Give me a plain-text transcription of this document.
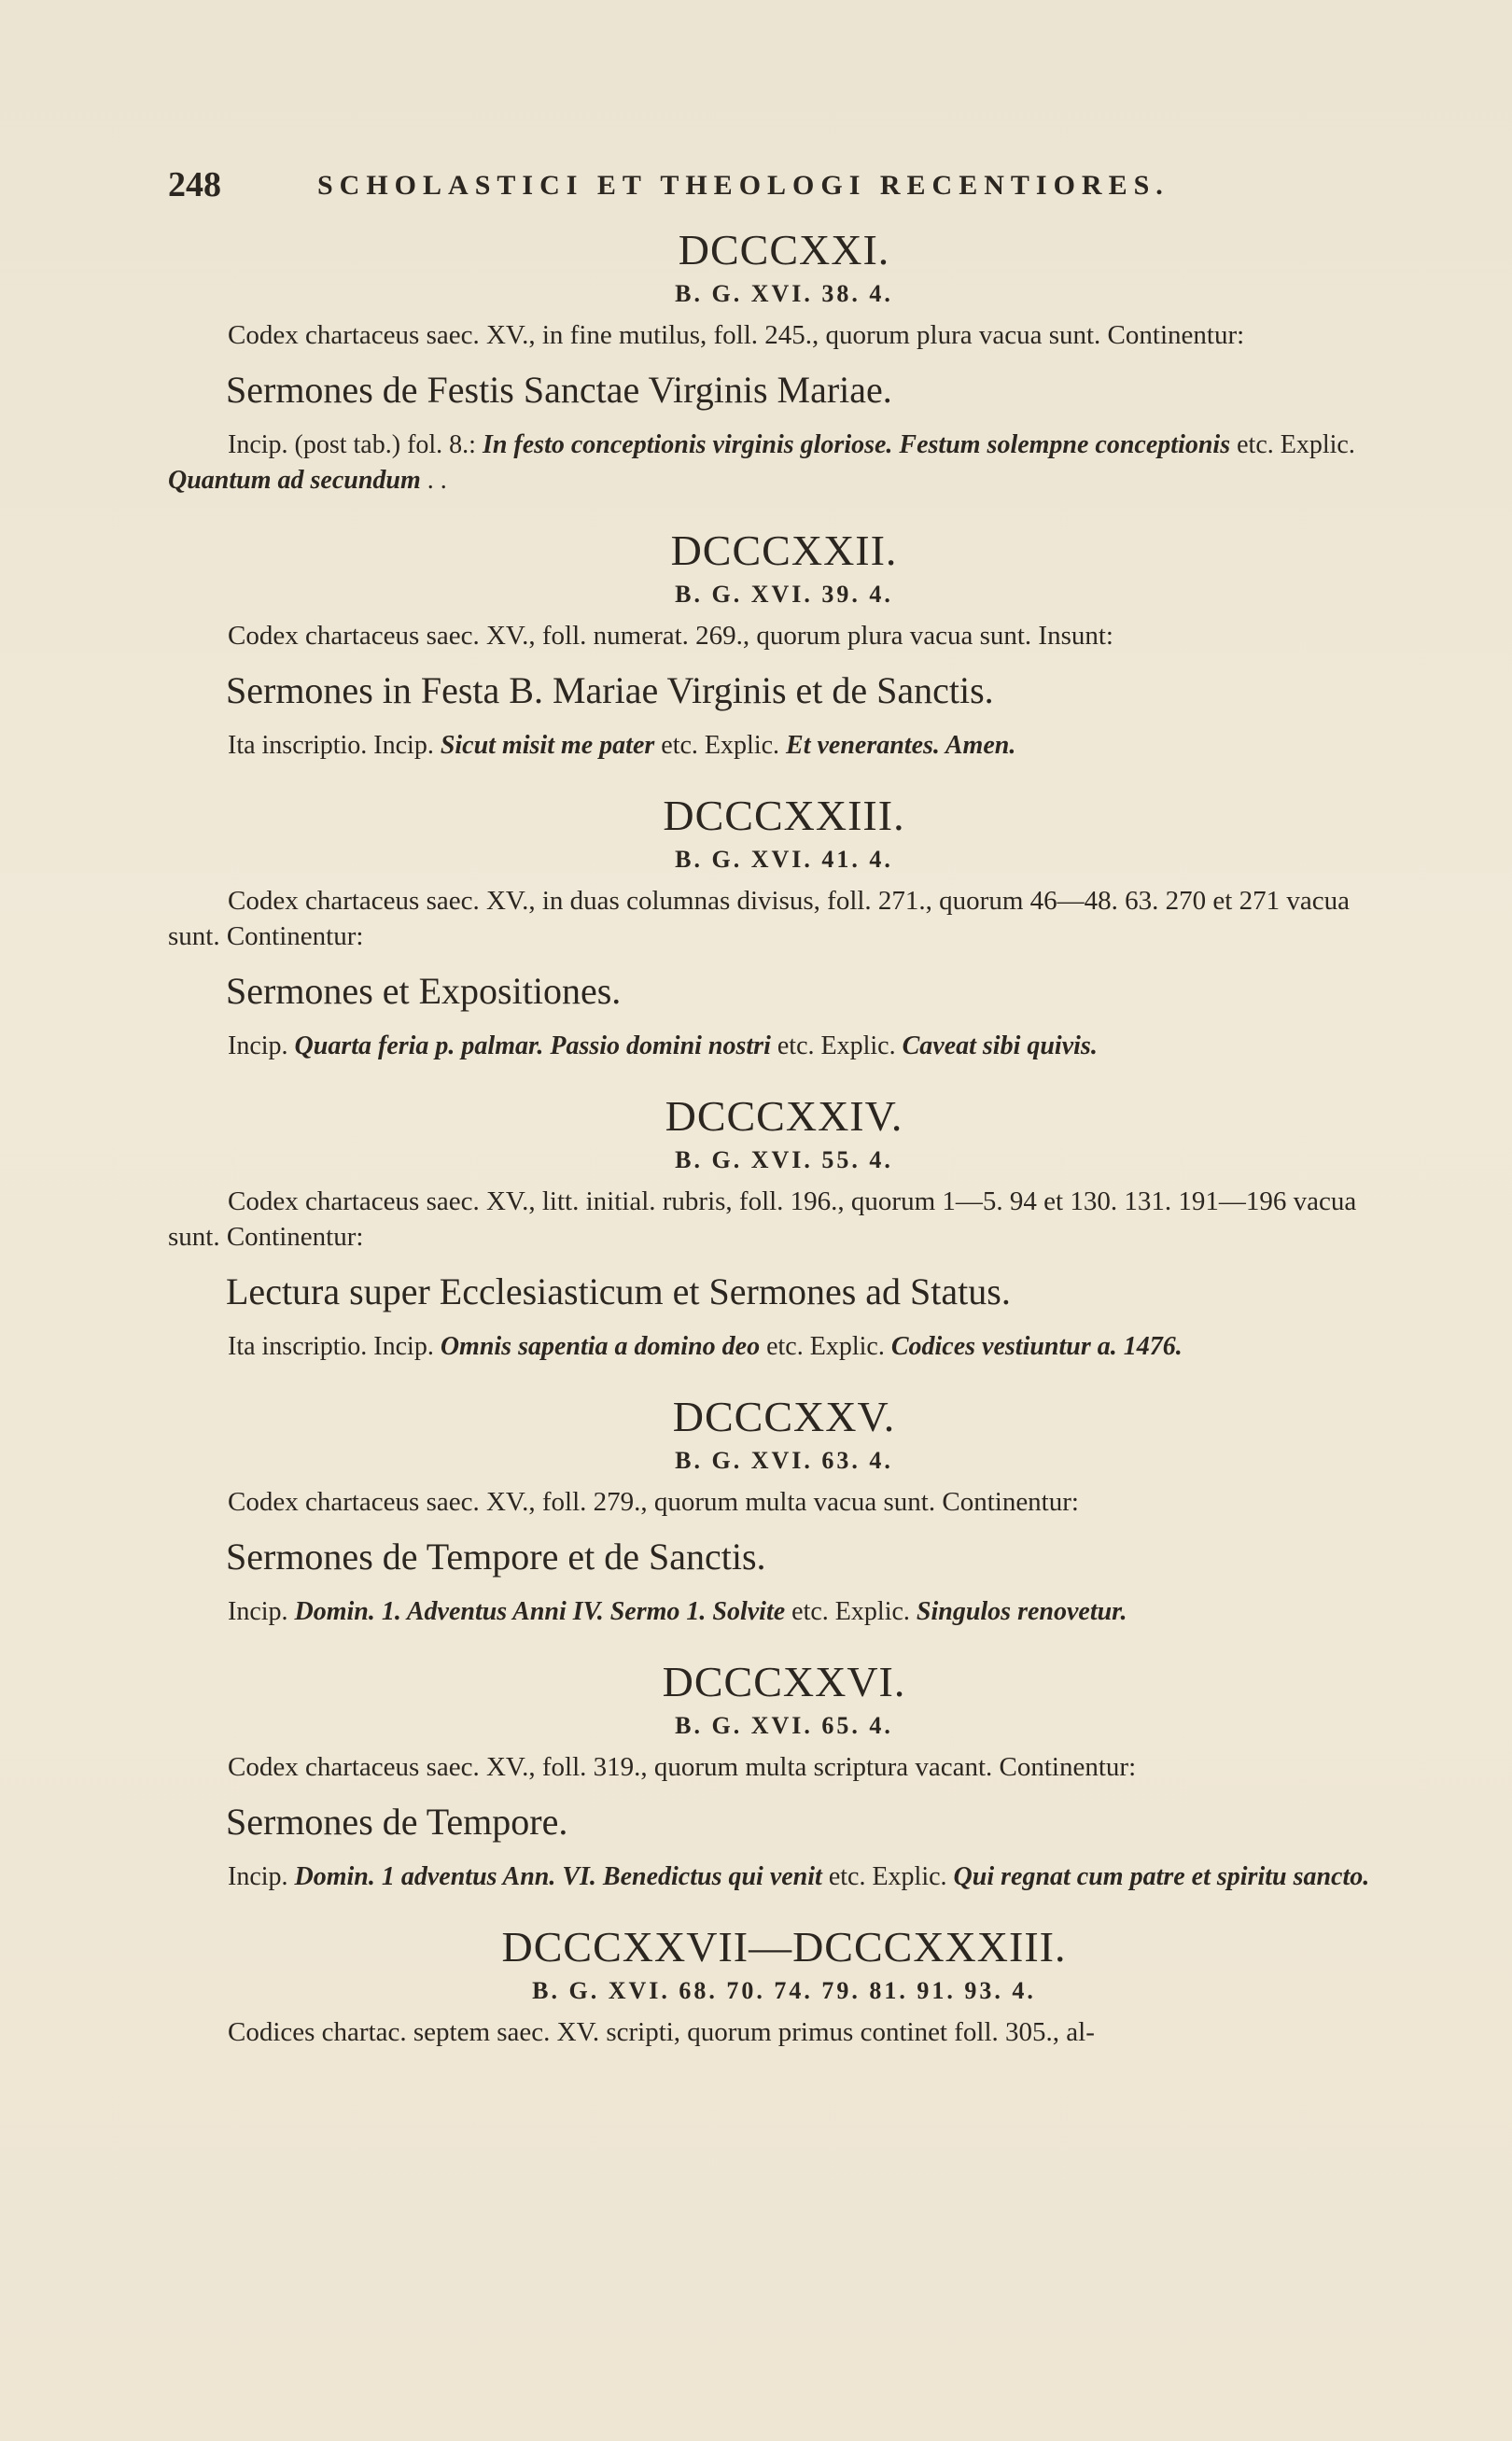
248	SCHOLASTICI ET THEOLOGI RECENTIORES.
DCCCXXI.
B. G. XVI. 38. 4.

Codex chartaceus saec. XV., in fine mutilus, foll. 245., quorum plura vacua sunt. Continentur:

Sermones de Festis Sanctae Virginis Mariae.

Incip. (post tab.) fol. 8.: In festo conceptionis virginis gloriose. Festum solempne conceptionis etc. Explic. Quantum ad secundum . .

DCCCXXII.
B. G. XVI. 39. 4.

Codex chartaceus saec. XV., foll. numerat. 269., quorum plura vacua sunt. Insunt:

Sermones in Festa B. Mariae Virginis et de Sanctis.

Ita inscriptio. Incip. Sicut misit me pater etc. Explic. Et venerantes. Amen.

DCCCXXIII.
B. G. XVI. 41. 4.

Codex chartaceus saec. XV., in duas columnas divisus, foll. 271., quorum 46—48. 63. 270 et 271 vacua sunt. Continentur:

Sermones et Expositiones.

Incip. Quarta feria p. palmar. Passio domini nostri etc. Explic. Caveat sibi quivis.

DCCCXXIV.
B. G. XVI. 55. 4.

Codex chartaceus saec. XV., litt. initial. rubris, foll. 196., quorum 1—5. 94 et 130. 131. 191—196 vacua sunt. Continentur:

Lectura super Ecclesiasticum et Sermones ad Status.

Ita inscriptio. Incip. Omnis sapentia a domino deo etc. Explic. Codices vestiuntur a. 1476.

DCCCXXV.
B. G. XVI. 63. 4.

Codex chartaceus saec. XV., foll. 279., quorum multa vacua sunt. Continentur:

Sermones de Tempore et de Sanctis.

Incip. Domin. 1. Adventus Anni IV. Sermo 1. Solvite etc. Explic. Singulos renovetur.

DCCCXXVI.
B. G. XVI. 65. 4.

Codex chartaceus saec. XV., foll. 319., quorum multa scriptura vacant. Continentur:

Sermones de Tempore.

Incip. Domin. 1 adventus Ann. VI. Benedictus qui venit etc. Explic. Qui regnat cum patre et spiritu sancto.

DCCCXXVII—DCCCXXXIII.
B. G. XVI. 68. 70. 74. 79. 81. 91. 93. 4.

Codices chartac. septem saec. XV. scripti, quorum primus continet foll. 305., al-
